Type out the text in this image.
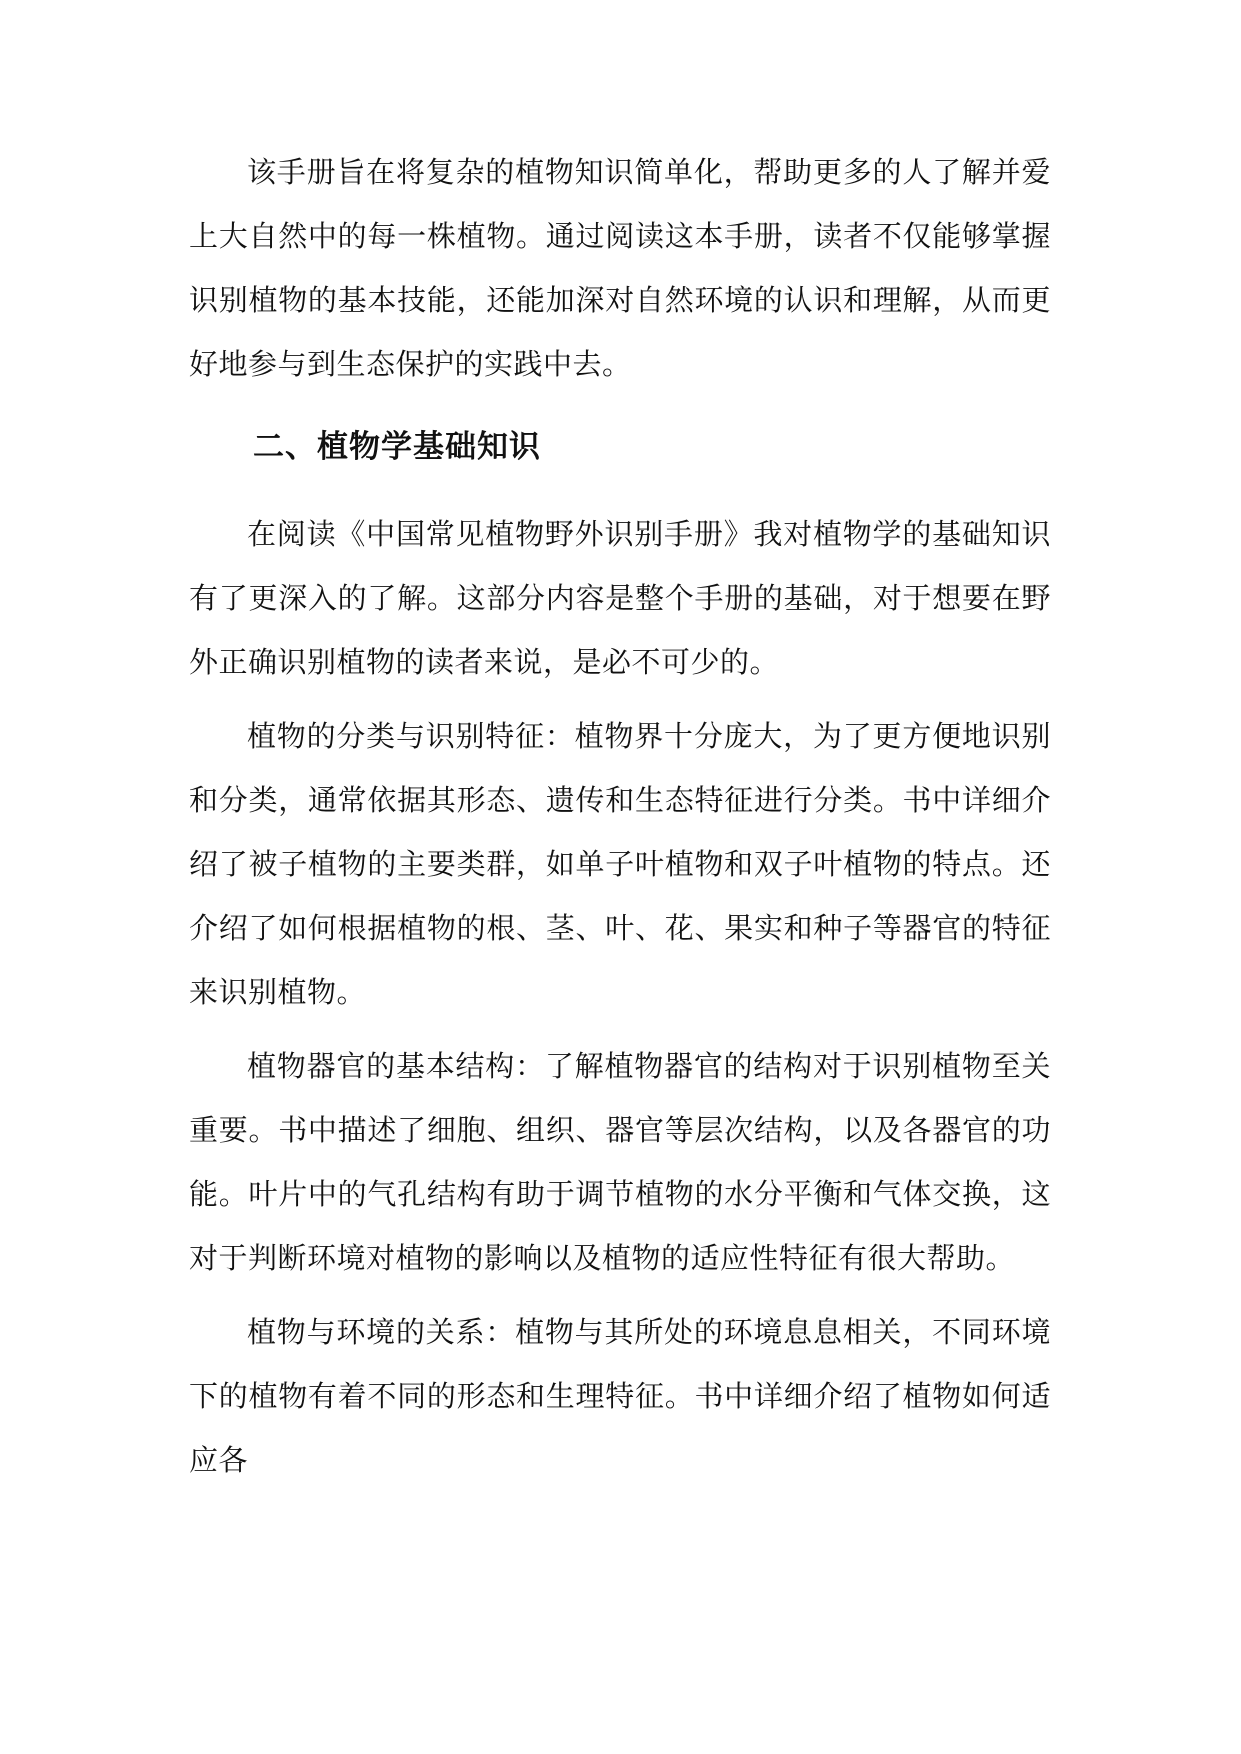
该手册旨在将复杂的植物知识简单化，帮助更多的人了解并爱上大自然中的每一株植物。通过阅读这本手册，读者不仅能够掌握识别植物的基本技能，还能加深对自然环境的认识和理解，从而更好地参与到生态保护的实践中去。

二、植物学基础知识

在阅读《中国常见植物野外识别手册》我对植物学的基础知识有了更深入的了解。这部分内容是整个手册的基础，对于想要在野外正确识别植物的读者来说，是必不可少的。

植物的分类与识别特征：植物界十分庞大，为了更方便地识别和分类，通常依据其形态、遗传和生态特征进行分类。书中详细介绍了被子植物的主要类群，如单子叶植物和双子叶植物的特点。还介绍了如何根据植物的根、茎、叶、花、果实和种子等器官的特征来识别植物。

植物器官的基本结构：了解植物器官的结构对于识别植物至关重要。书中描述了细胞、组织、器官等层次结构，以及各器官的功能。叶片中的气孔结构有助于调节植物的水分平衡和气体交换，这对于判断环境对植物的影响以及植物的适应性特征有很大帮助。

植物与环境的关系：植物与其所处的环境息息相关，不同环境下的植物有着不同的形态和生理特征。书中详细介绍了植物如何适应各
